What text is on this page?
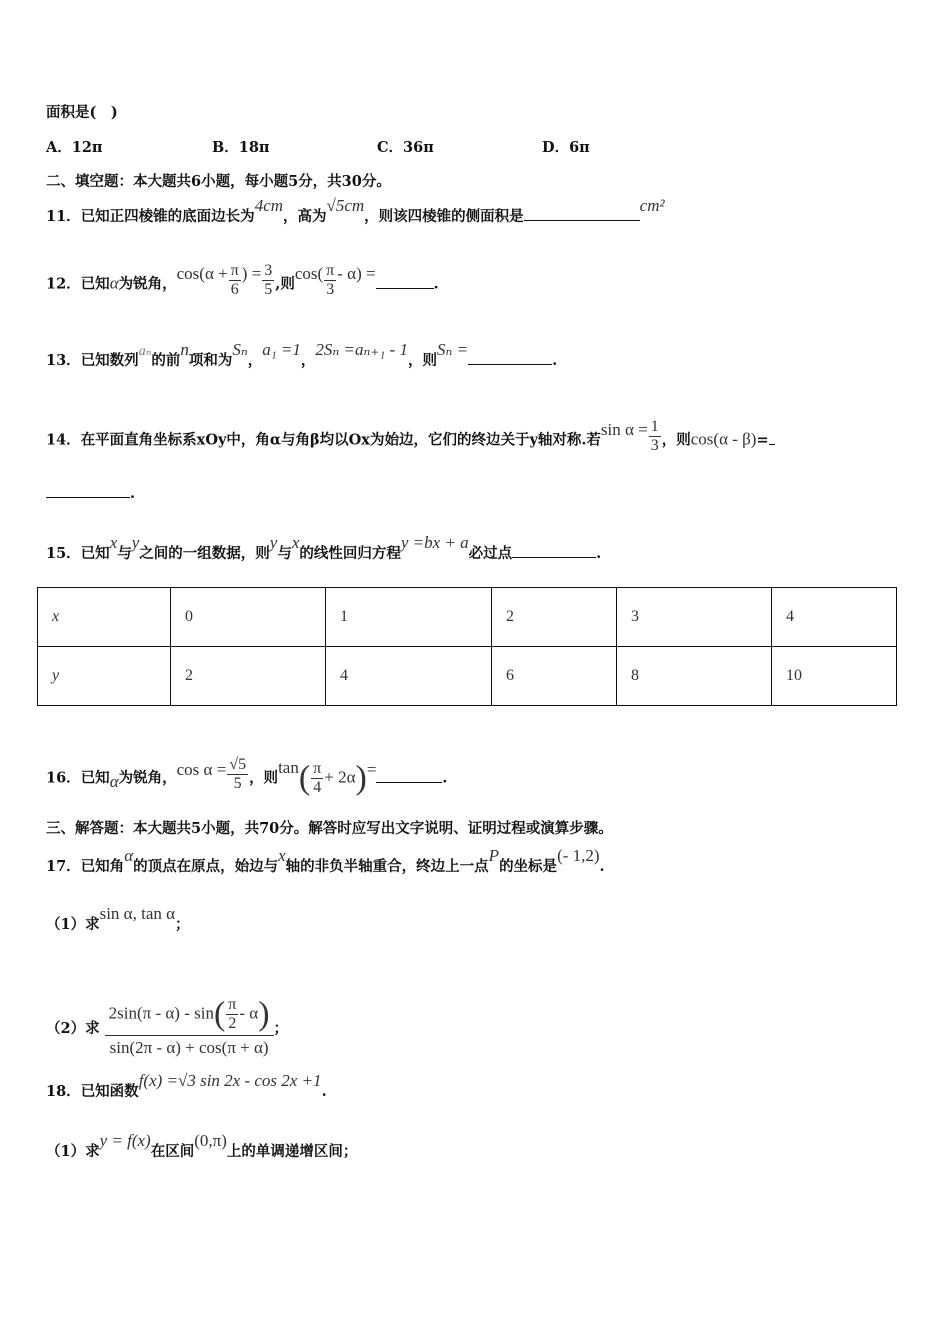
面积是(　)
A．12π	B．18π	C．36π	D．6π
二、填空题：本大题共6小题，每小题5分，共30分。
11．已知正四棱锥的底面边长为4cm，高为√5cm，则该四棱锥的侧面积是cm²
12．已知α为锐角，$\cos(\alpha + \frac{\pi}{6}$ ) = $\frac{3}{5}$ ,则$\cos( \frac{\pi}{3} - \alpha)$ =.
13．已知数列aₙ的前n项和为Sₙ，a₁ =1，2Sₙ =aₙ₊₁ - 1，则Sₙ =.
14．在平面直角坐标系xOy中，角α与角β均以Ox为始边，它们的终边关于y轴对称.若$\sin \alpha = \frac{1}{3}$ ，则cos(α - β)=
.
15．已知x与y之间的一组数据，则y与x的线性回归方程y =bx + a必过点	.
x	0	1	2	3	4
y	2	4	6	8	10
16．已知α为锐角，$\cos \alpha = \frac{√5}{5}$ ，则$\tan( \frac{\pi}{4} + 2\alpha)=$	.
三、解答题：本大题共5小题，共70分。解答时应写出文字说明、证明过程或演算步骤。
17．已知角α的顶点在原点，始边与x轴的非负半轴重合，终边上一点P的坐标是(- 1,2).
（1）求sin α, tan α；
（2）求 $\frac{2\sin(\pi - \alpha) - \sin( \frac{\pi}{2} - \alpha)}{\sin(2\pi - \alpha) + \cos(\pi + \alpha)}$ ；
18．已知函数f(x) =√3 sin 2x - cos 2x +1.
（1）求y = f(x)在区间(0,π)上的单调递增区间；
